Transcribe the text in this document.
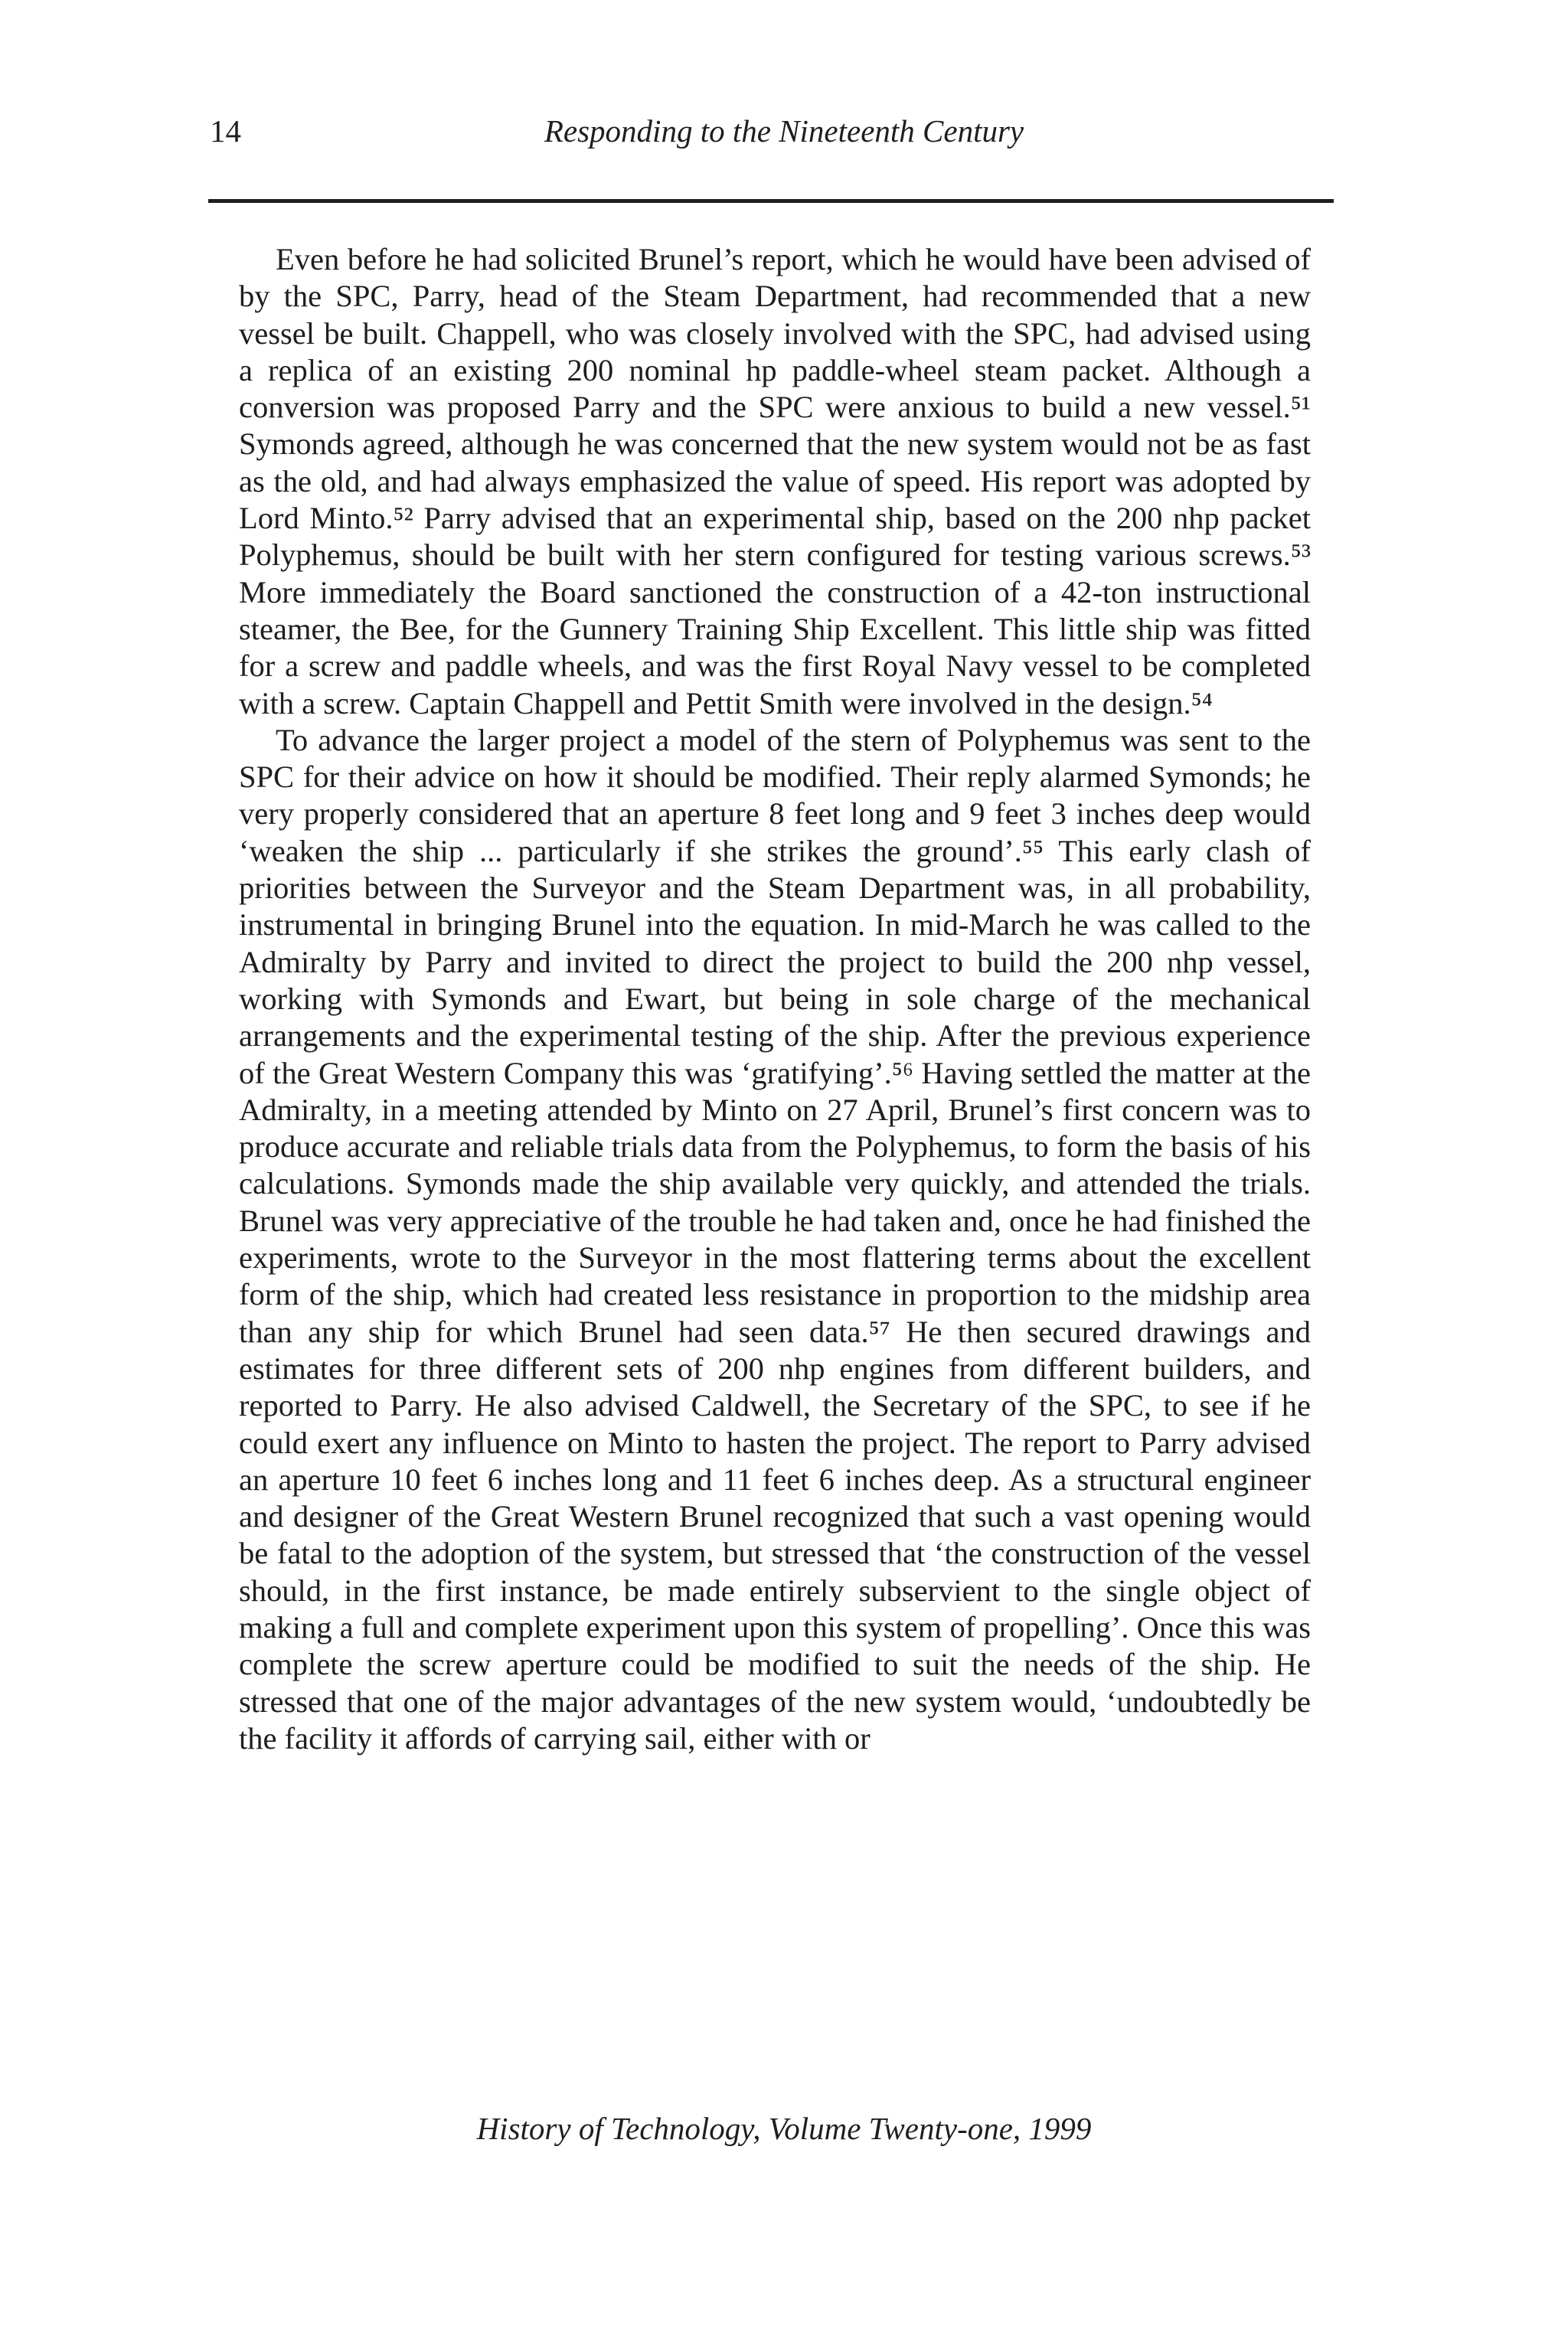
14	Responding to the Nineteenth Century

Even before he had solicited Brunel’s report, which he would have been advised of by the SPC, Parry, head of the Steam Department, had recommended that a new vessel be built. Chappell, who was closely involved with the SPC, had advised using a replica of an existing 200 nominal hp paddle-wheel steam packet. Although a conversion was proposed Parry and the SPC were anxious to build a new vessel.⁵¹ Symonds agreed, although he was concerned that the new system would not be as fast as the old, and had always emphasized the value of speed. His report was adopted by Lord Minto.⁵² Parry advised that an experimental ship, based on the 200 nhp packet Polyphemus, should be built with her stern configured for testing various screws.⁵³ More immediately the Board sanctioned the construction of a 42-ton instructional steamer, the Bee, for the Gunnery Training Ship Excellent. This little ship was fitted for a screw and paddle wheels, and was the first Royal Navy vessel to be completed with a screw. Captain Chappell and Pettit Smith were involved in the design.⁵⁴

To advance the larger project a model of the stern of Polyphemus was sent to the SPC for their advice on how it should be modified. Their reply alarmed Symonds; he very properly considered that an aperture 8 feet long and 9 feet 3 inches deep would ‘weaken the ship ... particularly if she strikes the ground’.⁵⁵ This early clash of priorities between the Surveyor and the Steam Department was, in all probability, instrumental in bringing Brunel into the equation. In mid-March he was called to the Admiralty by Parry and invited to direct the project to build the 200 nhp vessel, working with Symonds and Ewart, but being in sole charge of the mechanical arrangements and the experimental testing of the ship. After the previous experience of the Great Western Company this was ‘gratifying’.⁵⁶ Having settled the matter at the Admiralty, in a meeting attended by Minto on 27 April, Brunel’s first concern was to produce accurate and reliable trials data from the Polyphemus, to form the basis of his calculations. Symonds made the ship available very quickly, and attended the trials. Brunel was very appreciative of the trouble he had taken and, once he had finished the experiments, wrote to the Surveyor in the most flattering terms about the excellent form of the ship, which had created less resistance in proportion to the midship area than any ship for which Brunel had seen data.⁵⁷ He then secured drawings and estimates for three different sets of 200 nhp engines from different builders, and reported to Parry. He also advised Caldwell, the Secretary of the SPC, to see if he could exert any influence on Minto to hasten the project. The report to Parry advised an aperture 10 feet 6 inches long and 11 feet 6 inches deep. As a structural engineer and designer of the Great Western Brunel recognized that such a vast opening would be fatal to the adoption of the system, but stressed that ‘the construction of the vessel should, in the first instance, be made entirely subservient to the single object of making a full and complete experiment upon this system of propelling’. Once this was complete the screw aperture could be modified to suit the needs of the ship. He stressed that one of the major advantages of the new system would, ‘undoubtedly be the facility it affords of carrying sail, either with or

History of Technology, Volume Twenty-one, 1999
